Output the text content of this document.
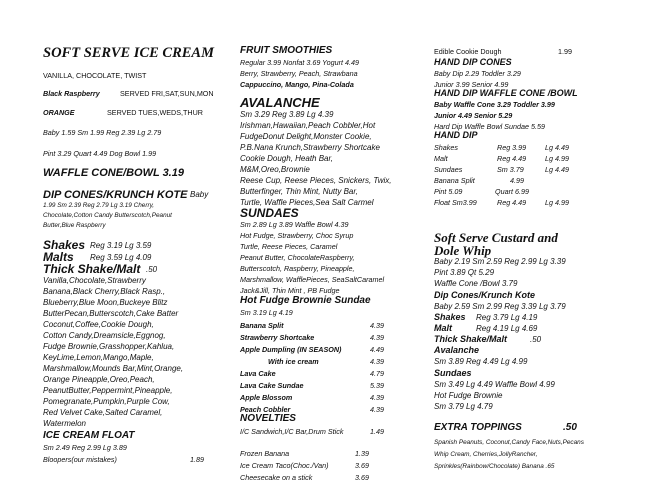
SOFT SERVE ICE CREAM
VANILLA, CHOCOLATE, TWIST
Black Raspberry	SERVED FRI,SAT,SUN,MON
ORANGE	SERVED TUES,WEDS,THUR
Baby 1.59 Sm 1.99 Reg 2.39 Lg 2.79
Pint 3.29 Quart 4.49 Dog Bowl 1.99
WAFFLE CONE/BOWL 3.19
DIP CONES/KRUNCH KOTE Baby
1.99 Sm 2.39 Reg 2.79 Lg 3.19 Cherry,
Chocolate,Cotton Candy Butterscotch,Peanut
Butter,Blue Raspberry
Shakes Reg 3.19 Lg 3.59
Malts Reg 3.59 Lg 4.09
Thick Shake/Malt .50
Vanilla,Chocolate,Strawberry
Banana,Black Cherry,Black Rasp.,
Blueberry,Blue Moon,Buckeye Blitz
ButterPecan,Butterscotch,Cake Batter
Coconut,Coffee,Cookie Dough,
Cotton Candy,Dreamsicle,Eggnog,
Fudge Brownie,Grasshopper,Kahlua,
KeyLime,Lemon,Mango,Maple,
Marshmallow,Mounds Bar,Mint,Orange,
Orange Pineapple,Oreo,Peach,
PeanutButter,Peppermint,Pineapple,
Pomegranate,Pumpkin,Purple Cow,
Red Velvet Cake,Salted Caramel,
Watermelon
ICE CREAM FLOAT
Sm 2.49 Reg 2.99 Lg 3.89
Bloopers(our mistakes)	1.89
FRUIT SMOOTHIES
Regular 3.99 Nonfat 3.69 Yogurt 4.49
Berry, Strawberry, Peach, Strawbana
Cappuccino, Mango, Pina-Colada
AVALANCHE
Sm 3.29 Reg 3.89 Lg 4.39
Irishman,Hawaiian,Peach Cobbler,Hot
FudgeDonut Delight,Monster Cookie,
P.B.Nana Krunch,Strawberry Shortcake
Cookie Dough, Heath Bar,
M&M,Oreo,Brownie
Reese Cup, Reese Pieces, Snickers, Twix,
Butterfinger, Thin Mint, Nutty Bar,
Turtle, Waffle Pieces,Sea Salt Carmel
SUNDAES
Sm 2.89 Lg 3.89 Waffle Bowl 4.39
Hot Fudge, Strawberry, Choc Syrup
Turtle, Reese Pieces, Caramel
Peanut Butter, ChocolateRaspberry,
Butterscotch, Raspberry, Pineapple,
Marshmallow, WafflePieces, SeaSaltCaramel
Jack&Jill, Thin Mint , PB Fudge
Hot Fudge Brownie Sundae
Sm 3.19 Lg 4.19
Banana Split	4.39
Strawberry Shortcake	4.39
Apple Dumpling (IN SEASON)	4.49
With ice cream	4.39
Lava Cake	4.79
Lava Cake Sundae	5.39
Apple Blossom	4.39
Peach Cobbler	4.39
NOVELTIES
I/C Sandwich,I/C Bar,Drum Stick	1.49
Frozen Banana	1.39
Ice Cream Taco(Choc./Van)	3.69
Cheesecake on a stick	3.69
Edible Cookie Dough	1.99
HAND DIP CONES
Baby Dip 2.29 Toddler 3.29
Junior 3.99 Senior 4.99
HAND DIP WAFFLE CONE /BOWL
Baby Waffle Cone 3.29 Toddler 3.99
Junior 4.49 Senior 5.29
Hard Dip Waffle Bowl Sundae 5.59
HAND DIP
Shakes	Reg 3.99	Lg 4.49
Malt	Reg 4.49	Lg 4.99
Sundaes	Sm 3.79	Lg 4.49
Banana Split	4.99
Pint 5.09	Quart 6.99
Float Sm3.99	Reg 4.49	Lg 4.99
Soft Serve Custard and
Dole Whip
Baby 2.19 Sm 2.59 Reg 2.99 Lg 3.39
Pint 3.89 Qt 5.29
Waffle Cone /Bowl 3.79
Dip Cones/Krunch Kote
Baby 2.59 Sm 2.99 Reg 3.39 Lg 3.79
Shakes Reg 3.79 Lg 4.19
Malt	Reg 4.19 Lg 4.69
Thick Shake/Malt	.50
Avalanche
Sm 3.89 Reg 4.49 Lg 4.99
Sundaes
Sm 3.49 Lg 4.49 Waffle Bowl 4.99
Hot Fudge Brownie
Sm 3.79 Lg 4.79
EXTRA TOPPINGS	.50
Spanish Peanuts, Coconut,Candy Face,Nuts,Pecans
Whip Cream, Cherries,JollyRancher,
Sprinkles(Rainbow/Chocolate) Banana .65
